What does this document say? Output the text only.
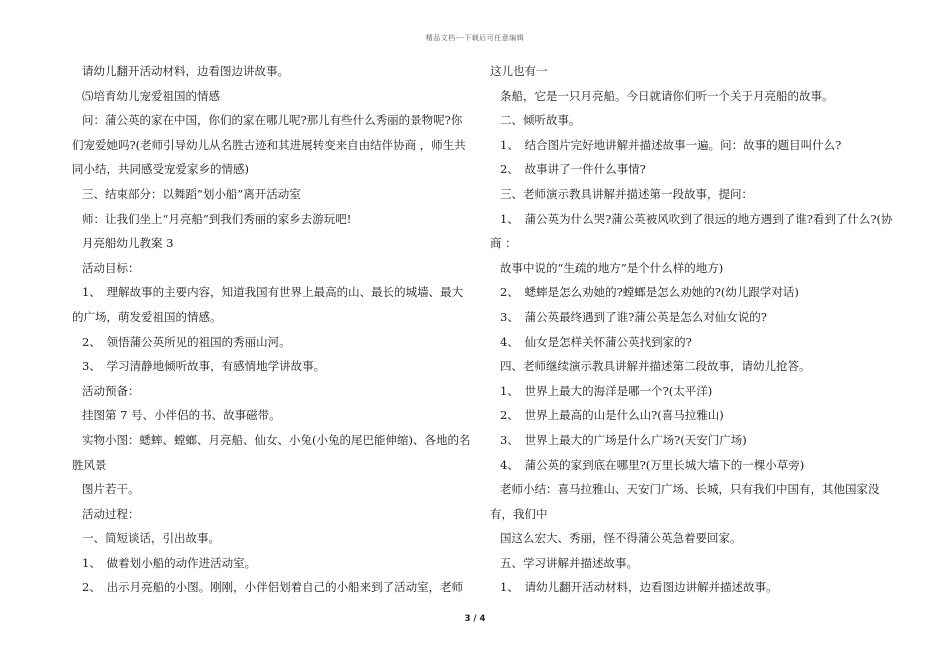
精品文档---下载后可任意编辑
请幼儿翻开活动材料，边看图边讲故事。
⑸培育幼儿宠爱祖国的情感
问：蒲公英的家在中国，你们的家在哪儿呢?那儿有些什么秀丽的景物呢?你
们宠爱她吗?(老师引导幼儿从名胜古迹和其进展转变来自由结伴协商 ，师生共
同小结，共同感受宠爱家乡的情感)
三、结束部分：以舞蹈“划小船”离开活动室
师：让我们坐上“月亮船”到我们秀丽的家乡去游玩吧!
月亮船幼儿教案 3
活动目标：
1、　理解故事的主要内容，知道我国有世界上最高的山、最长的城墙、最大
的广场，萌发爱祖国的情感。
2、　领悟蒲公英所见的祖国的秀丽山河。
3、　学习清静地倾听故事，有感情地学讲故事。
活动预备：
挂图第 7 号、小伴侣的书、故事磁带。
实物小图：蟋蟀、螳螂、月亮船、仙女、小兔(小兔的尾巴能伸缩)、各地的名
胜风景
图片若干。
活动过程：
一、简短谈话，引出故事。
1、　做着划小船的动作进活动室。
2、　出示月亮船的小图。刚刚，小伴侣划着自己的小船来到了活动室，老师
这儿也有一
条船，它是一只月亮船。今日就请你们听一个关于月亮船的故事。
二、倾听故事。
1、　结合图片完好地讲解并描述故事一遍。问：故事的题目叫什么?
2、　故事讲了一件什么事情?
三、老师演示教具讲解并描述第一段故事，提问：
1、　蒲公英为什么哭?蒲公英被风吹到了很远的地方遇到了谁?看到了什么?(协
商 ：
故事中说的“生疏的地方”是个什么样的地方)
2、　蟋蟀是怎么劝她的?螳螂是怎么劝她的?(幼儿跟学对话)
3、　蒲公英最终遇到了谁?蒲公英是怎么对仙女说的?
4、　仙女是怎样关怀蒲公英找到家的?
四、老师继续演示教具讲解并描述第二段故事，请幼儿抢答。
1、　世界上最大的海洋是哪一个?(太平洋)
2、　世界上最高的山是什么山?(喜马拉雅山)
3、　世界上最大的广场是什么广场?(天安门广场)
4、　蒲公英的家到底在哪里?(万里长城大墙下的一棵小草旁)
老师小结：喜马拉雅山、天安门广场、长城，只有我们中国有，其他国家没
有，我们中
国这么宏大、秀丽，怪不得蒲公英急着要回家。
五、学习讲解并描述故事。
1、　请幼儿翻开活动材料，边看图边讲解并描述故事。
3 / 4
